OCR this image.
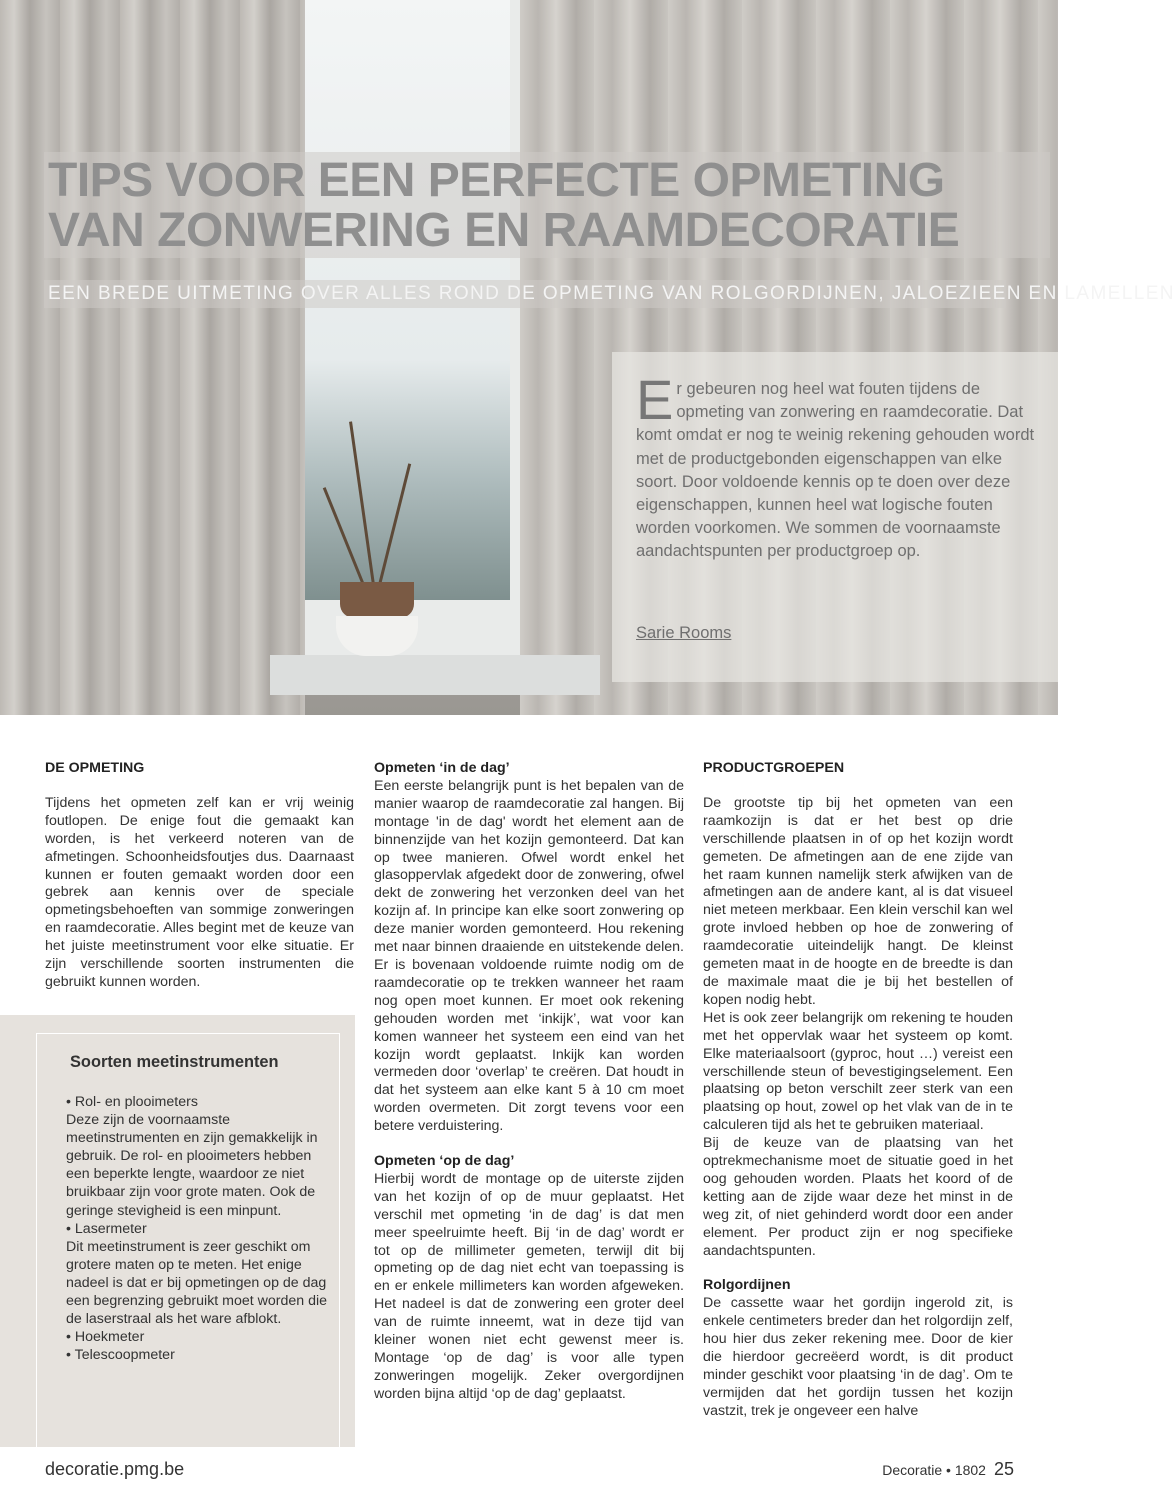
TIPS VOOR EEN PERFECTE OPMETING
VAN ZONWERING EN RAAMDECORATIE
EEN BREDE UITMETING OVER ALLES ROND DE OPMETING VAN ROLGORDIJNEN, JALOEZIEEN EN LAMELLEN
Er gebeuren nog heel wat fouten tijdens de opmeting van zonwering en raamdecoratie. Dat komt omdat er nog te weinig rekening gehouden wordt met de productgebonden eigenschappen van elke soort. Door voldoende kennis op te doen over deze eigenschappen, kunnen heel wat logische fouten worden voorkomen. We sommen de voornaamste aandachtspunten per productgroep op.
Sarie Rooms

DE OPMETING

Tijdens het opmeten zelf kan er vrij weinig foutlopen. De enige fout die gemaakt kan worden, is het verkeerd noteren van de afmetingen. Schoonheidsfoutjes dus. Daarnaast kunnen er fouten gemaakt worden door een gebrek aan kennis over de speciale opmetingsbehoeften van sommige zonweringen en raamdecoratie. Alles begint met de keuze van het juiste meetinstrument voor elke situatie. Er zijn verschillende soorten instrumenten die gebruikt kunnen worden.

Soorten meetinstrumenten

• Rol- en plooimeters

Deze zijn de voornaamste meetinstrumenten en zijn gemakkelijk in gebruik. De rol- en plooimeters hebben een beperkte lengte, waardoor ze niet bruikbaar zijn voor grote maten. Ook de geringe stevigheid is een minpunt.

• Lasermeter

Dit meetinstrument is zeer geschikt om grotere maten op te meten. Het enige nadeel is dat er bij opmetingen op de dag een begrenzing gebruikt moet worden die de laserstraal als het ware afblokt.

• Hoekmeter

• Telescoopmeter

Opmeten ‘in de dag’

Een eerste belangrijk punt is het bepalen van de manier waarop de raamdecoratie zal hangen. Bij montage 'in de dag' wordt het element aan de binnenzijde van het kozijn gemonteerd. Dat kan op twee manieren. Ofwel wordt enkel het glasoppervlak afgedekt door de zonwering, ofwel dekt de zonwering het verzonken deel van het kozijn af. In principe kan elke soort zonwering op deze manier worden gemonteerd. Hou rekening met naar binnen draaiende en uitstekende delen. Er is bovenaan voldoende ruimte nodig om de raamdecoratie op te trekken wanneer het raam nog open moet kunnen. Er moet ook rekening gehouden worden met ‘inkijk’, wat voor kan komen wanneer het systeem een eind van het kozijn wordt geplaatst. Inkijk kan worden vermeden door ‘overlap’ te creëren. Dat houdt in dat het systeem aan elke kant 5 à 10 cm moet worden overmeten. Dit zorgt tevens voor een betere verduistering.

Opmeten ‘op de dag’

Hierbij wordt de montage op de uiterste zijden van het kozijn of op de muur geplaatst. Het verschil met opmeting ‘in de dag’ is dat men meer speelruimte heeft. Bij ‘in de dag’ wordt er tot op de millimeter gemeten, terwijl dit bij opmeting op de dag niet echt van toepassing is en er enkele millimeters kan worden afgeweken. Het nadeel is dat de zonwering een groter deel van de ruimte inneemt, wat in deze tijd van kleiner wonen niet echt gewenst meer is. Montage ‘op de dag’ is voor alle typen zonweringen mogelijk. Zeker overgordijnen worden bijna altijd ‘op de dag’ geplaatst.

PRODUCTGROEPEN

De grootste tip bij het opmeten van een raamkozijn is dat er het best op drie verschillende plaatsen in of op het kozijn wordt gemeten. De afmetingen aan de ene zijde van het raam kunnen namelijk sterk afwijken van de afmetingen aan de andere kant, al is dat visueel niet meteen merkbaar. Een klein verschil kan wel grote invloed hebben op hoe de zonwering of raamdecoratie uiteindelijk hangt. De kleinst gemeten maat in de hoogte en de breedte is dan de maximale maat die je bij het bestellen of kopen nodig hebt.

Het is ook zeer belangrijk om rekening te houden met het oppervlak waar het systeem op komt. Elke materiaalsoort (gyproc, hout …) vereist een verschillende steun of bevestigingselement. Een plaatsing op beton verschilt zeer sterk van een plaatsing op hout, zowel op het vlak van de in te calculeren tijd als het te gebruiken materiaal.

Bij de keuze van de plaatsing van het optrekmechanisme moet de situatie goed in het oog gehouden worden. Plaats het koord of de ketting aan de zijde waar deze het minst in de weg zit, of niet gehinderd wordt door een ander element. Per product zijn er nog specifieke aandachtspunten.

Rolgordijnen

De cassette waar het gordijn ingerold zit, is enkele centimeters breder dan het rolgordijn zelf, hou hier dus zeker rekening mee. Door de kier die hierdoor gecreëerd wordt, is dit product minder geschikt voor plaatsing ‘in de dag’. Om te vermijden dat het gordijn tussen het kozijn vastzit, trek je ongeveer een halve

decoratie.pmg.be	Decoratie • 1802 25
